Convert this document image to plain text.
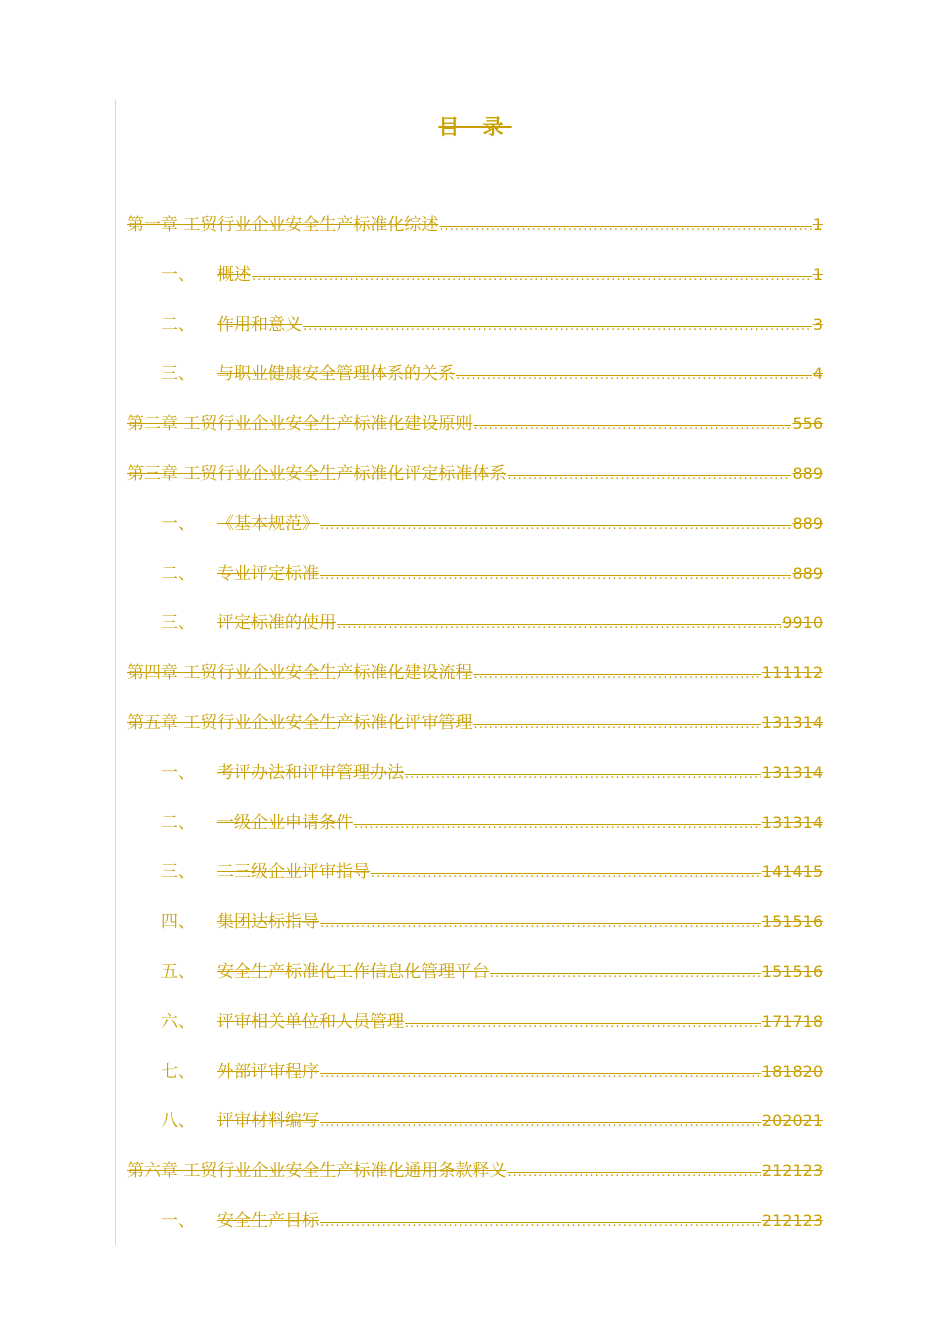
目 录
第一章 工贸行业企业安全生产标准化综述 .....	1
一、 概述 .....	1
二、 作用和意义 .....	3
三、 与职业健康安全管理体系的关系 .....	4
第二章 工贸行业企业安全生产标准化建设原则 .....	556
第三章 工贸行业企业安全生产标准化评定标准体系 .....	889
一、 《基本规范》 .....	889
二、 专业评定标准 .....	889
三、 评定标准的使用 .....	9910
第四章 工贸行业企业安全生产标准化建设流程 .....	111112
第五章 工贸行业企业安全生产标准化评审管理 .....	131314
一、 考评办法和评审管理办法 .....	131314
二、 一级企业申请条件 .....	131314
三、 二三级企业评审指导 .....	141415
四、 集团达标指导 .....	151516
五、 安全生产标准化工作信息化管理平台 .....	151516
六、 评审相关单位和人员管理 .....	171718
七、 外部评审程序 .....	181820
八、 评审材料编写 .....	202021
第六章 工贸行业企业安全生产标准化通用条款释义 .....	212123
一、 安全生产目标 .....	212123
